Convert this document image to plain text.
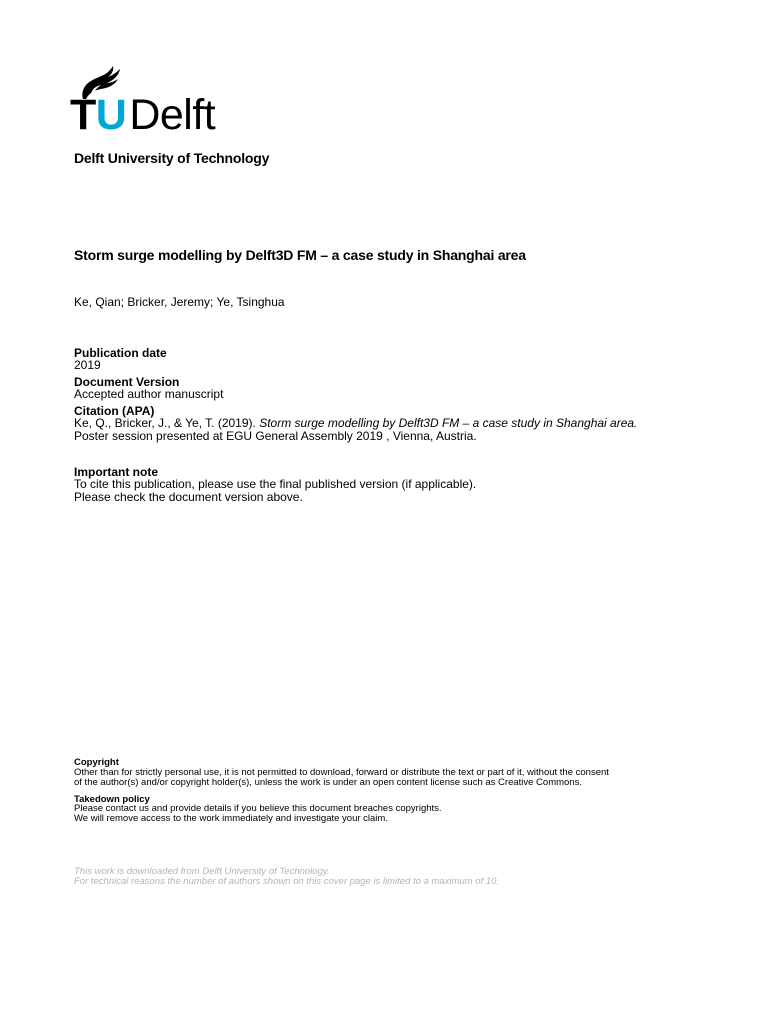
TUDelft
Delft University of Technology
Storm surge modelling by Delft3D FM – a case study in Shanghai area
Ke, Qian; Bricker, Jeremy; Ye, Tsinghua
Publication date
2019
Document Version
Accepted author manuscript
Citation (APA)
Ke, Q., Bricker, J., & Ye, T. (2019). Storm surge modelling by Delft3D FM – a case study in Shanghai area.
Poster session presented at EGU General Assembly 2019 , Vienna, Austria.
Important note
To cite this publication, please use the final published version (if applicable).
Please check the document version above.
Copyright
Other than for strictly personal use, it is not permitted to download, forward or distribute the text or part of it, without the consent
of the author(s) and/or copyright holder(s), unless the work is under an open content license such as Creative Commons.
Takedown policy
Please contact us and provide details if you believe this document breaches copyrights.
We will remove access to the work immediately and investigate your claim.
This work is downloaded from Delft University of Technology.
For technical reasons the number of authors shown on this cover page is limited to a maximum of 10.
